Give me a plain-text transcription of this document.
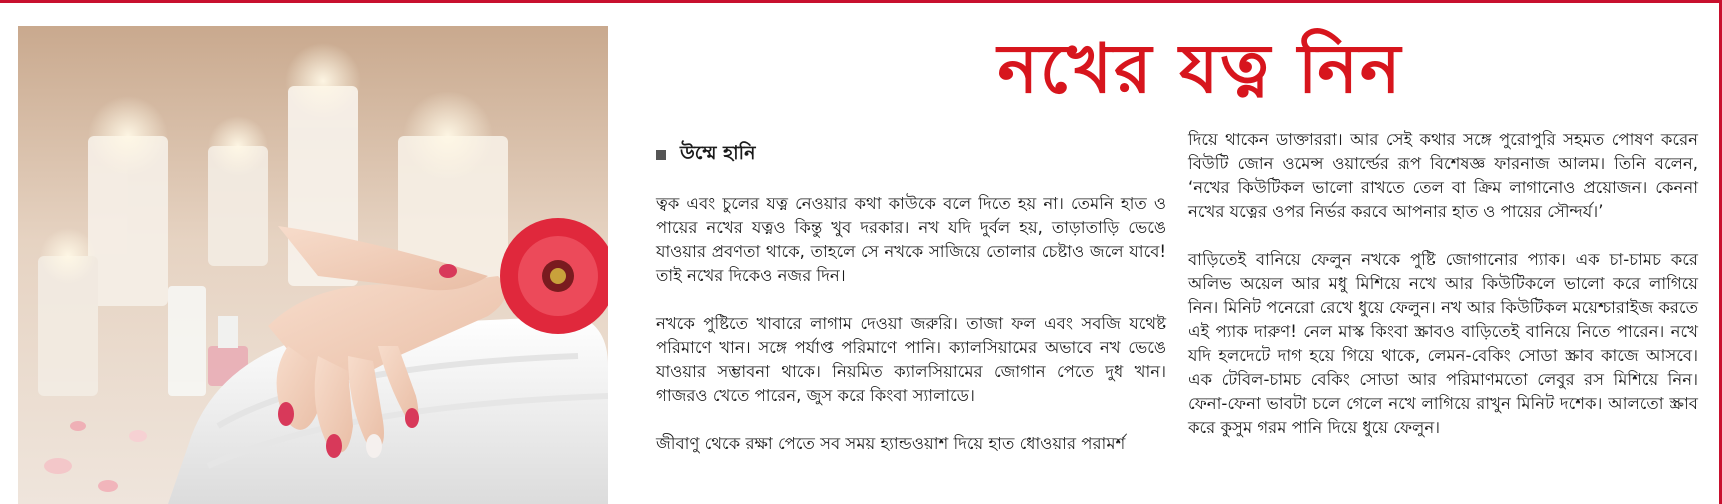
নখের যত্ন নিন
উম্মে হানি

ত্বক এবং চুলের যত্ন নেওয়ার কথা কাউকে বলে দিতে হয় না। তেমনি হাত ও পায়ের নখের যত্নও কিন্তু খুব দরকার। নখ যদি দুর্বল হয়, তাড়াতাড়ি ভেঙে যাওয়ার প্রবণতা থাকে, তাহলে সে নখকে সাজিয়ে তোলার চেষ্টাও জলে যাবে! তাই নখের দিকেও নজর দিন।

নখকে পুষ্টিতে খাবারে লাগাম দেওয়া জরুরি। তাজা ফল এবং সবজি যথেষ্ট পরিমাণে খান। সঙ্গে পর্যাপ্ত পরিমাণে পানি। ক্যালসিয়ামের অভাবে নখ ভেঙে যাওয়ার সম্ভাবনা থাকে। নিয়মিত ক্যালসিয়ামের জোগান পেতে দুধ খান। গাজরও খেতে পারেন, জুস করে কিংবা স্যালাডে।

জীবাণু থেকে রক্ষা পেতে সব সময় হ্যান্ডওয়াশ দিয়ে হাত ধোওয়ার পরামর্শ

দিয়ে থাকেন ডাক্তাররা। আর সেই কথার সঙ্গে পুরোপুরি সহমত পোষণ করেন বিউটি জোন ওমেন্স ওয়ার্ল্ডের রূপ বিশেষজ্ঞ ফারনাজ আলম। তিনি বলেন, ‘নখের কিউটিকল ভালো রাখতে তেল বা ক্রিম লাগানোও প্রয়োজন। কেননা নখের যত্নের ওপর নির্ভর করবে আপনার হাত ও পায়ের সৌন্দর্য।’

বাড়িতেই বানিয়ে ফেলুন নখকে পুষ্টি জোগানোর প্যাক। এক চা-চামচ করে অলিভ অয়েল আর মধু মিশিয়ে নখে আর কিউটিকলে ভালো করে লাগিয়ে নিন। মিনিট পনেরো রেখে ধুয়ে ফেলুন। নখ আর কিউটিকল ময়েশ্চারাইজ করতে এই প্যাক দারুণ! নেল মাস্ক কিংবা স্ক্রাবও বাড়িতেই বানিয়ে নিতে পারেন। নখে যদি হলদেটে দাগ হয়ে গিয়ে থাকে, লেমন-বেকিং সোডা স্ক্রাব কাজে আসবে। এক টেবিল-চামচ বেকিং সোডা আর পরিমাণমতো লেবুর রস মিশিয়ে নিন। ফেনা-ফেনা ভাবটা চলে গেলে নখে লাগিয়ে রাখুন মিনিট দশেক। আলতো স্ক্রাব করে কুসুম গরম পানি দিয়ে ধুয়ে ফেলুন।
